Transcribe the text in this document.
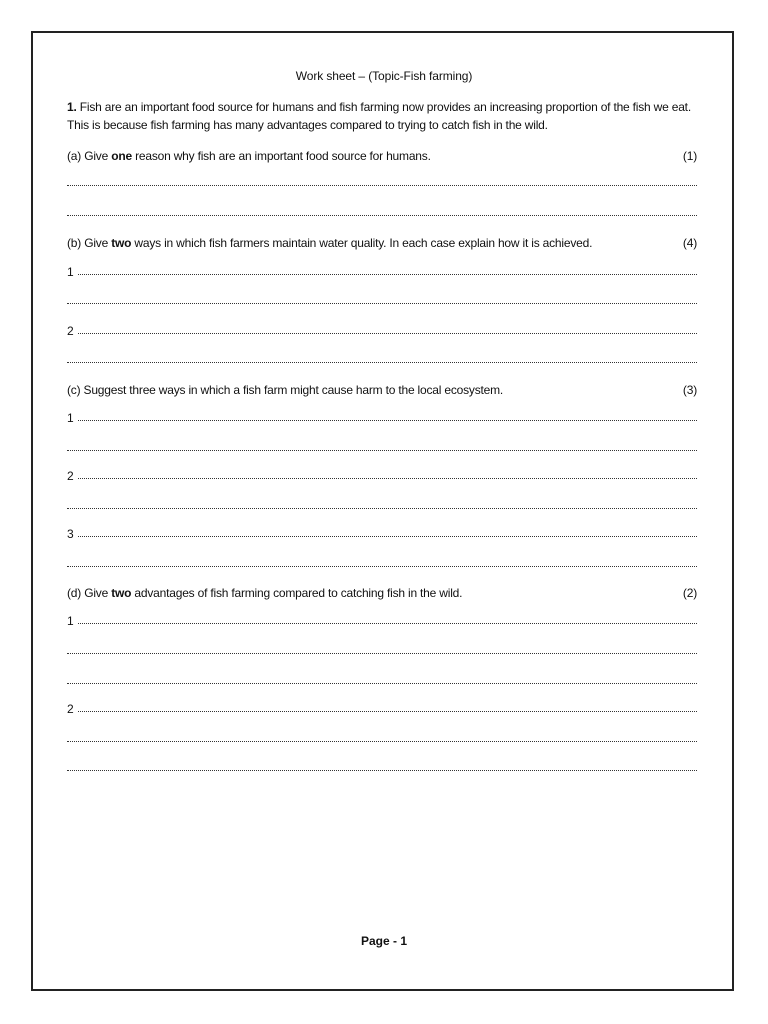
Work sheet – (Topic-Fish farming)
1. Fish are an important food source for humans and fish farming now provides an increasing proportion of the fish we eat. This is because fish farming has many advantages compared to trying to catch fish in the wild.
(a) Give one reason why fish are an important food source for humans.	(1)
(b) Give two ways in which fish farmers maintain water quality. In each case explain how it is achieved.	(4)
1
2
(c) Suggest three ways in which a fish farm might cause harm to the local ecosystem.	(3)
1
2
3
(d) Give two advantages of fish farming compared to catching fish in the wild.	(2)
1
2
Page - 1
